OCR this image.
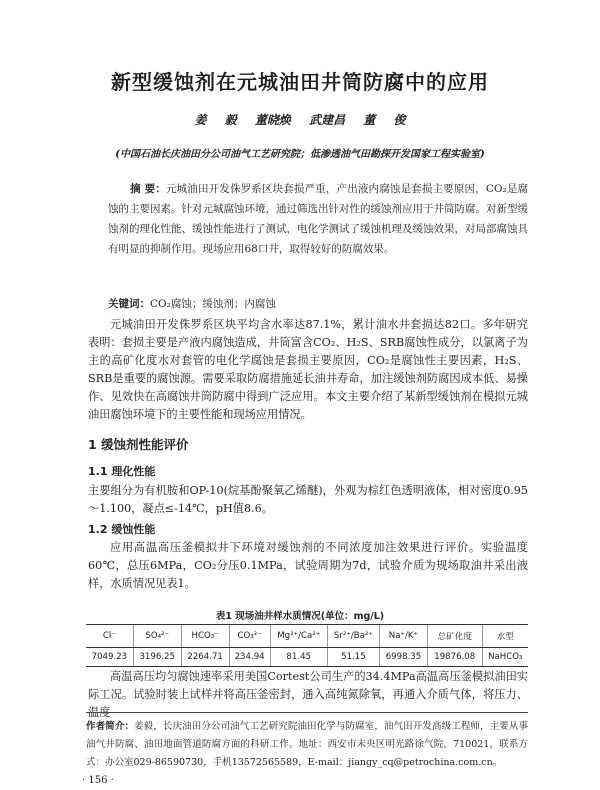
新型缓蚀剂在元城油田井筒防腐中的应用
姜 毅 董晓焕 武建昌 董 俊
(中国石油长庆油田分公司油气工艺研究院；低渗透油气田勘探开发国家工程实验室)
摘 要：元城油田开发侏罗系区块套损严重，产出液内腐蚀是套损主要原因，CO₂是腐蚀的主要因素。针对元城腐蚀环境，通过筛选出针对性的缓蚀剂应用于井筒防腐。对新型缓蚀剂的理化性能、缓蚀性能进行了测试，电化学测试了缓蚀机理及缓蚀效果，对局部腐蚀具有明显的抑制作用。现场应用68口井，取得较好的防腐效果。
关键词：CO₂腐蚀；缓蚀剂；内腐蚀
元城油田开发侏罗系区块平均含水率达87.1%，累计油水井套损达82口。多年研究表明：套损主要是产液内腐蚀造成，井筒富含CO₂、H₂S、SRB腐蚀性成分，以氯离子为主的高矿化度水对套管的电化学腐蚀是套损主要原因，CO₂是腐蚀性主要因素，H₂S、SRB是重要的腐蚀源。需要采取防腐措施延长油井寿命，加注缓蚀剂防腐因成本低、易操作、见效快在高腐蚀井筒防腐中得到广泛应用。本文主要介绍了某新型缓蚀剂在模拟元城油田腐蚀环境下的主要性能和现场应用情况。
1 缓蚀剂性能评价
1.1 理化性能
主要组分为有机胺和OP-10(烷基酚聚氧乙烯醚)，外观为棕红色透明液体，相对密度0.95～1.100，凝点≤-14℃，pH值8.6。
1.2 缓蚀性能
应用高温高压釜模拟井下环境对缓蚀剂的不同浓度加注效果进行评价。实验温度60℃，总压6MPa，CO₂分压0.1MPa，试验周期为7d，试验介质为规场取油井采出液样，水质情况见表1。
表1 现场油井样水质情况(单位：mg/L)
Cl⁻	SO₄²⁻	HCO₃⁻	CO₃²⁻	Mg²⁺/Ca²⁺	Sr²⁺/Ba²⁺	Na⁺/K⁺	总矿化度	水型
7049.23	3196.25	2264.71	234.94	81.45	51.15	6998.35	19876.08	NaHCO₃
高温高压均匀腐蚀速率采用美国Cortest公司生产的34.4MPa高温高压釜模拟油田实际工况。试验时装上试样并将高压釜密封，通入高纯氮除氧，再通入介质气体，将压力、温度
作者简介：姜毅，长庆油田分公司油气工艺研究院油田化学与防腐室，油气田开发高级工程师，主要从事油气井防腐、油田地面管道防腐方面的科研工作。地址：西安市未央区明光路徐气院，710021，联系方式：办公室029-86590730，手机13572565589，E-mail：jiangy_cq@petrochina.com.cn。
· 156 ·
